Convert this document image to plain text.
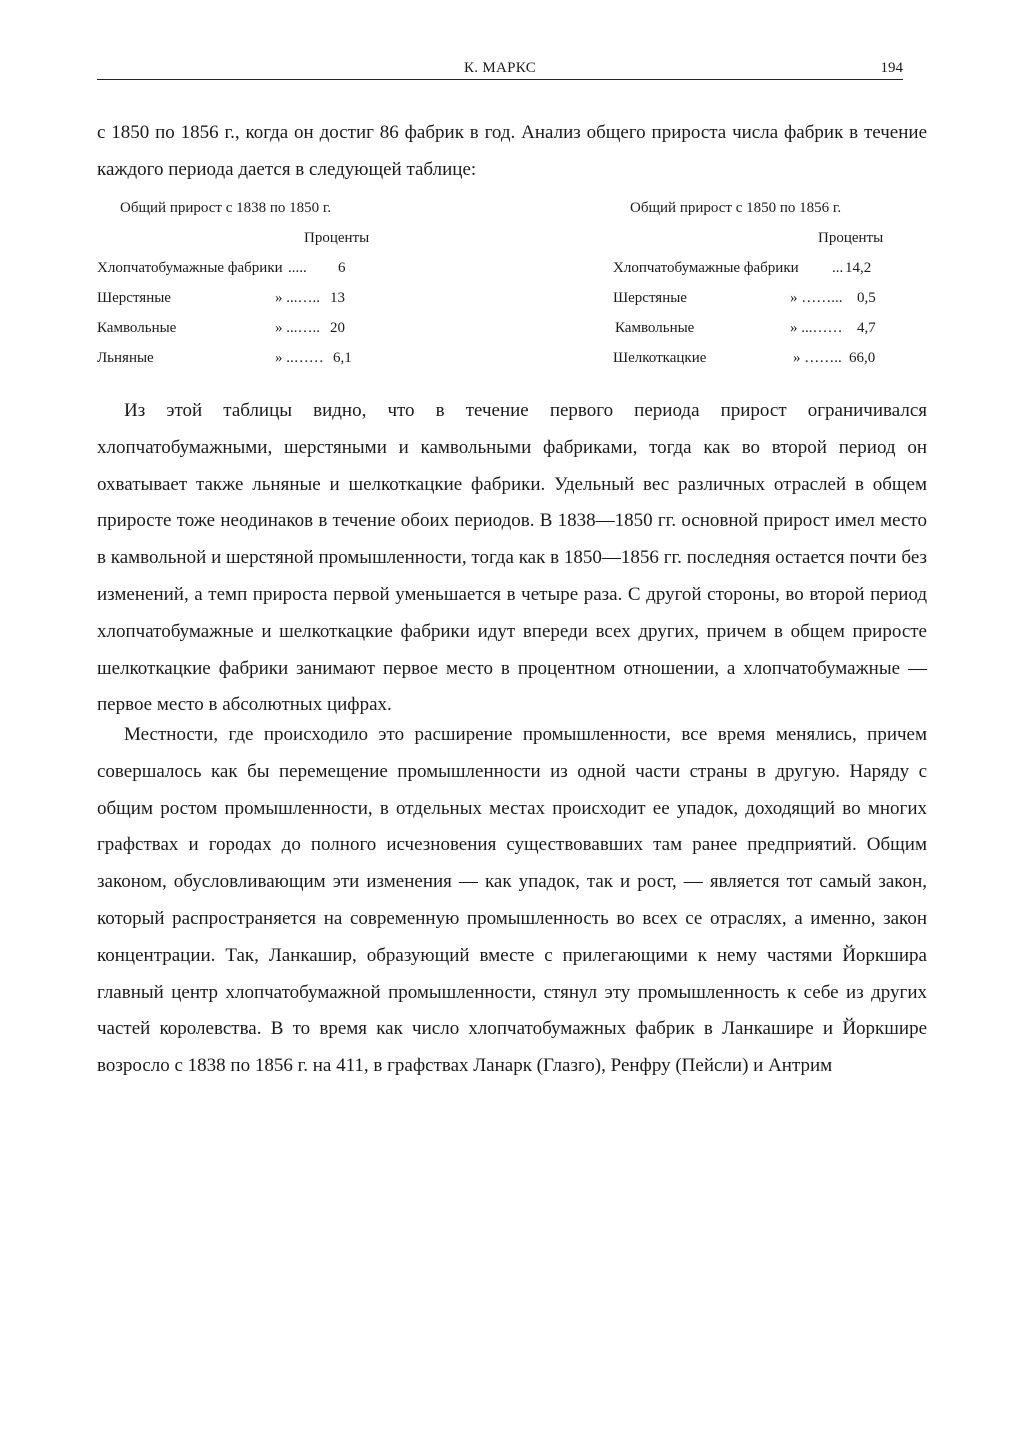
К. МАРКС	194

с 1850 по 1856 г., когда он достиг 86 фабрик в год. Анализ общего прироста числа фабрик в течение каждого периода дается в следующей таблице:

Общий прирост с 1838 по 1850 г.
Проценты
Хлопчатобумажные фабрики ..... 6
Шерстяные	» ...….. 13
Камвольные	» ...….. 20
Льняные	» ..…… 6,1
Общий прирост с 1850 по 1856 г.
Проценты
Хлопчатобумажные фабрики ... 14,2
Шерстяные	» ……... 0,5
Камвольные	» ...…… 4,7
Шелкоткацкие	» …….. 66,0

Из этой таблицы видно, что в течение первого периода прирост ограничивался хлопчатобумажными, шерстяными и камвольными фабриками, тогда как во второй период он охватывает также льняные и шелкоткацкие фабрики. Удельный вес различных отраслей в общем приросте тоже неодинаков в течение обоих периодов. В 1838—1850 гг. основной прирост имел место в камвольной и шерстяной промышленности, тогда как в 1850—1856 гг. последняя остается почти без изменений, а темп прироста первой уменьшается в четыре раза. С другой стороны, во второй период хлопчатобумажные и шелкоткацкие фабрики идут впереди всех других, причем в общем приросте шелкоткацкие фабрики занимают первое место в процентном отношении, а хлопчатобумажные — первое место в абсолютных цифрах.

Местности, где происходило это расширение промышленности, все время менялись, причем совершалось как бы перемещение промышленности из одной части страны в другую. Наряду с общим ростом промышленности, в отдельных местах происходит ее упадок, доходящий во многих графствах и городах до полного исчезновения существовавших там ранее предприятий. Общим законом, обусловливающим эти изменения — как упадок, так и рост, — является тот самый закон, который распространяется на современную промышленность во всех се отраслях, а именно, закон концентрации. Так, Ланкашир, образующий вместе с прилегающими к нему частями Йоркшира главный центр хлопчатобумажной промышленности, стянул эту промышленность к себе из других частей королевства. В то время как число хлопчатобумажных фабрик в Ланкашире и Йоркшире возросло с 1838 по 1856 г. на 411, в графствах Ланарк (Глазго), Ренфру (Пейсли) и Антрим
